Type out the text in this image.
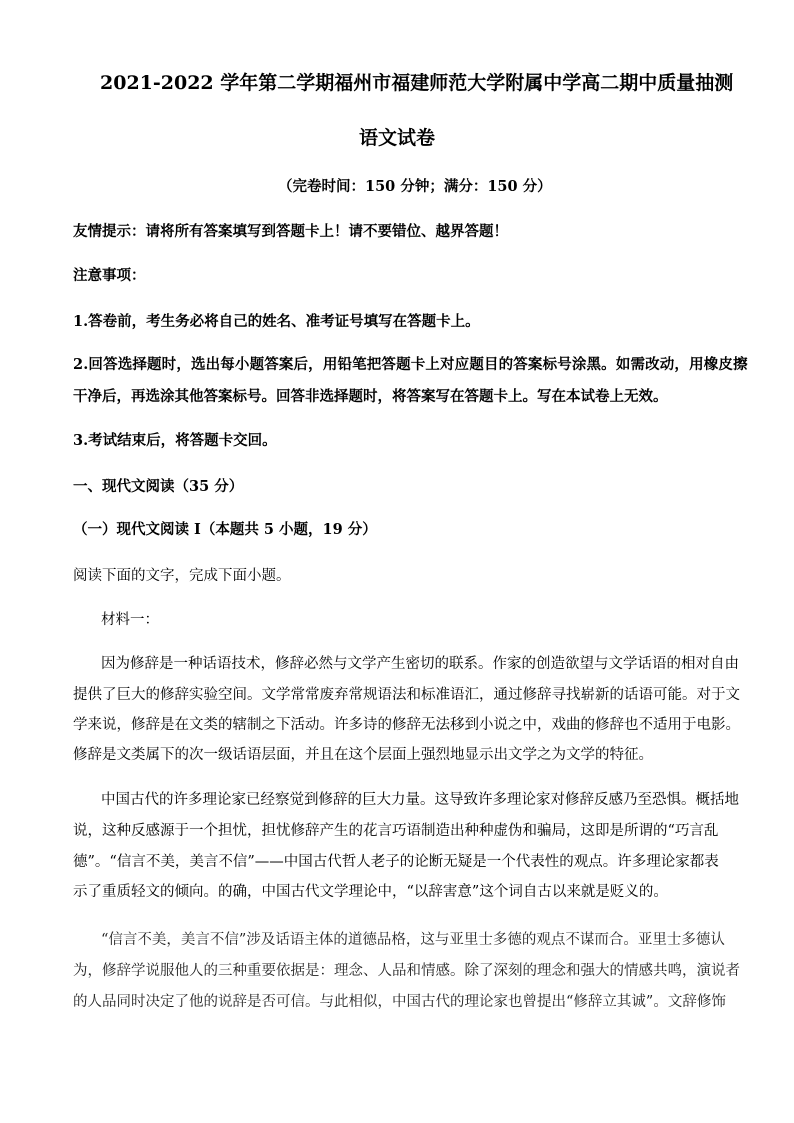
2021-2022 学年第二学期福州市福建师范大学附属中学高二期中质量抽测
语文试卷
（完卷时间：150 分钟；满分：150 分）
友情提示：请将所有答案填写到答题卡上！请不要错位、越界答题！
注意事项：
1.答卷前，考生务必将自己的姓名、准考证号填写在答题卡上。
2.回答选择题时，选出每小题答案后，用铅笔把答题卡上对应题目的答案标号涂黑。如需改动，用橡皮擦
干净后，再选涂其他答案标号。回答非选择题时，将答案写在答题卡上。写在本试卷上无效。
3.考试结束后，将答题卡交回。
一、现代文阅读（35 分）
（一）现代文阅读 I（本题共 5 小题，19 分）
阅读下面的文字，完成下面小题。
材料一：
因为修辞是一种话语技术，修辞必然与文学产生密切的联系。作家的创造欲望与文学话语的相对自由
提供了巨大的修辞实验空间。文学常常废弃常规语法和标准语汇，通过修辞寻找崭新的话语可能。对于文
学来说，修辞是在文类的辖制之下活动。许多诗的修辞无法移到小说之中，戏曲的修辞也不适用于电影。
修辞是文类属下的次一级话语层面，并且在这个层面上强烈地显示出文学之为文学的特征。
中国古代的许多理论家已经察觉到修辞的巨大力量。这导致许多理论家对修辞反感乃至恐惧。概括地
说，这种反感源于一个担忧，担忧修辞产生的花言巧语制造出种种虚伪和骗局，这即是所谓的“巧言乱
德”。“信言不美，美言不信”——中国古代哲人老子的论断无疑是一个代表性的观点。许多理论家都表
示了重质轻文的倾向。的确，中国古代文学理论中，“以辞害意”这个词自古以来就是贬义的。
“信言不美，美言不信”涉及话语主体的道德品格，这与亚里士多德的观点不谋而合。亚里士多德认
为，修辞学说服他人的三种重要依据是：理念、人品和情感。除了深刻的理念和强大的情感共鸣，演说者
的人品同时决定了他的说辞是否可信。与此相似，中国古代的理论家也曾提出“修辞立其诚”。文辞修饰
